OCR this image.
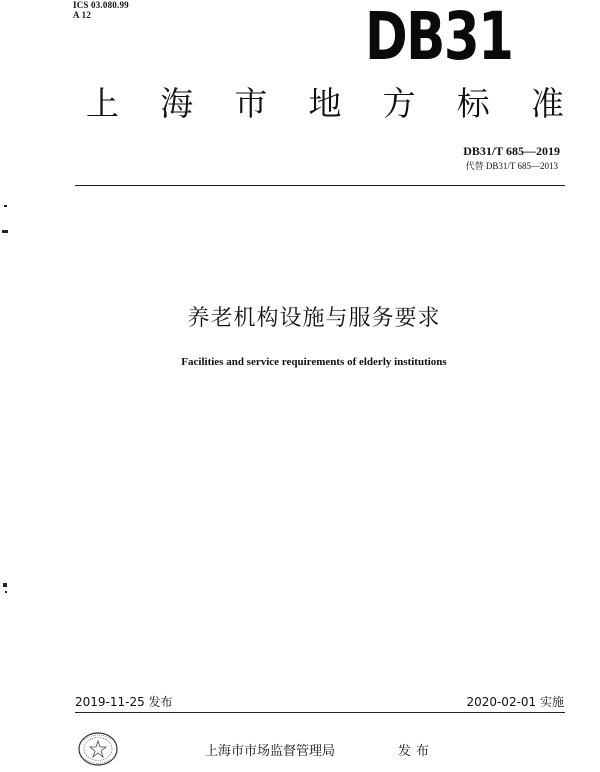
ICS 03.080.99
A 12	DB31
上 海 市 地 方 标 准
DB31/T 685—2019
代替 DB31/T 685—2013
养老机构设施与服务要求
Facilities and service requirements of elderly institutions
2019-11-25 发布	2020-02-01 实施
上海市市场监督管理局	发布
